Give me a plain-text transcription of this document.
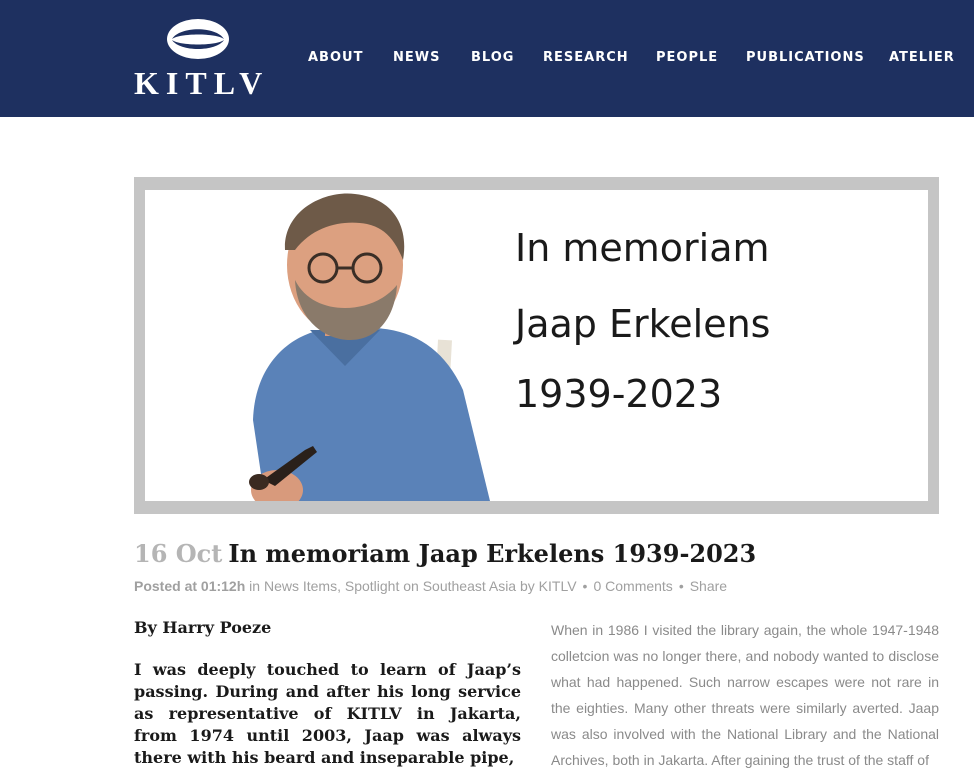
KITLV
ABOUT NEWS BLOG RESEARCH PEOPLE PUBLICATIONS ATELIER
In memoriam
Jaap Erkelens
1939-2023
16 Oct In memoriam Jaap Erkelens 1939-2023
Posted at 01:12h in News Items, Spotlight on Southeast Asia by KITLV • 0 Comments • Share
By Harry Poeze
I was deeply touched to learn of Jaap’s passing. During and after his long service as representative of KITLV in Jakarta, from 1974 until 2003, Jaap was always there with his beard and inseparable pipe,
When in 1986 I visited the library again, the whole 1947-1948 colletcion was no longer there, and nobody wanted to disclose what had happened. Such narrow escapes were not rare in the eighties. Many other threats were similarly averted. Jaap was also involved with the National Library and the National Archives, both in Jakarta. After gaining the trust of the staff of
